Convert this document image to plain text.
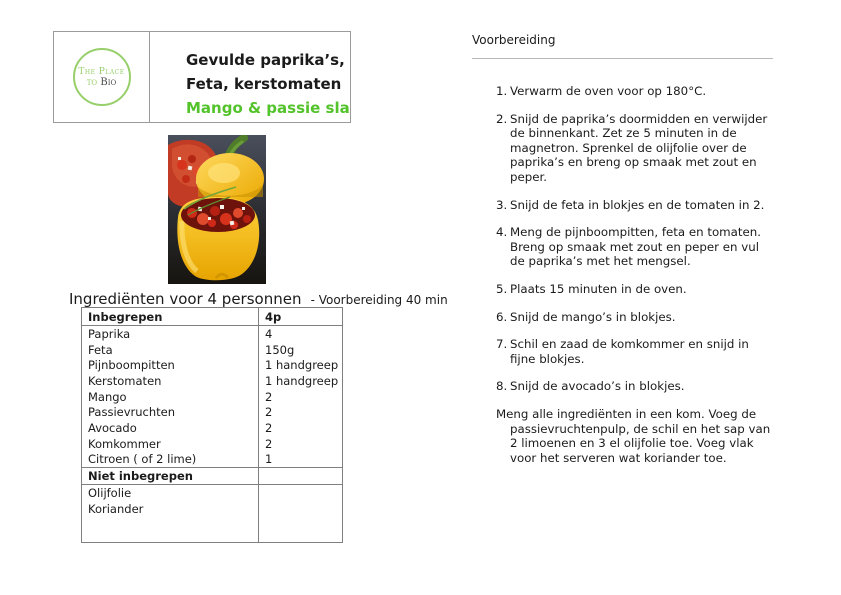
The Place
to Bio
Gevulde paprika’s,
Feta, kerstomaten
Mango & passie sla
Ingrediënten voor 4 personnen - Voorbereiding 40 min
Inbegrepen	4p
Paprika	4
Feta	150g
Pijnboompitten	1 handgreep
Kerstomaten	1 handgreep
Mango	2
Passievruchten	2
Avocado	2
Komkommer	2
Citroen ( of 2 lime)	1
Niet inbegrepen	
Olijfolie	
Koriander	

Voorbereiding
1. Verwarm de oven voor op 180°C.
2. Snijd de paprika’s doormidden en verwijder de binnenkant. Zet ze 5 minuten in de magnetron. Sprenkel de olijfolie over de paprika’s en breng op smaak met zout en peper.
3. Snijd de feta in blokjes en de tomaten in 2.
4. Meng de pijnboompitten, feta en tomaten. Breng op smaak met zout en peper en vul de paprika’s met het mengsel.
5. Plaats 15 minuten in de oven.
6. Snijd de mango’s in blokjes.
7. Schil en zaad de komkommer en snijd in fijne blokjes.
8. Snijd de avocado’s in blokjes.
Meng alle ingrediënten in een kom. Voeg de passievruchtenpulp, de schil en het sap van 2 limoenen en 3 el olijfolie toe. Voeg vlak voor het serveren wat koriander toe.
